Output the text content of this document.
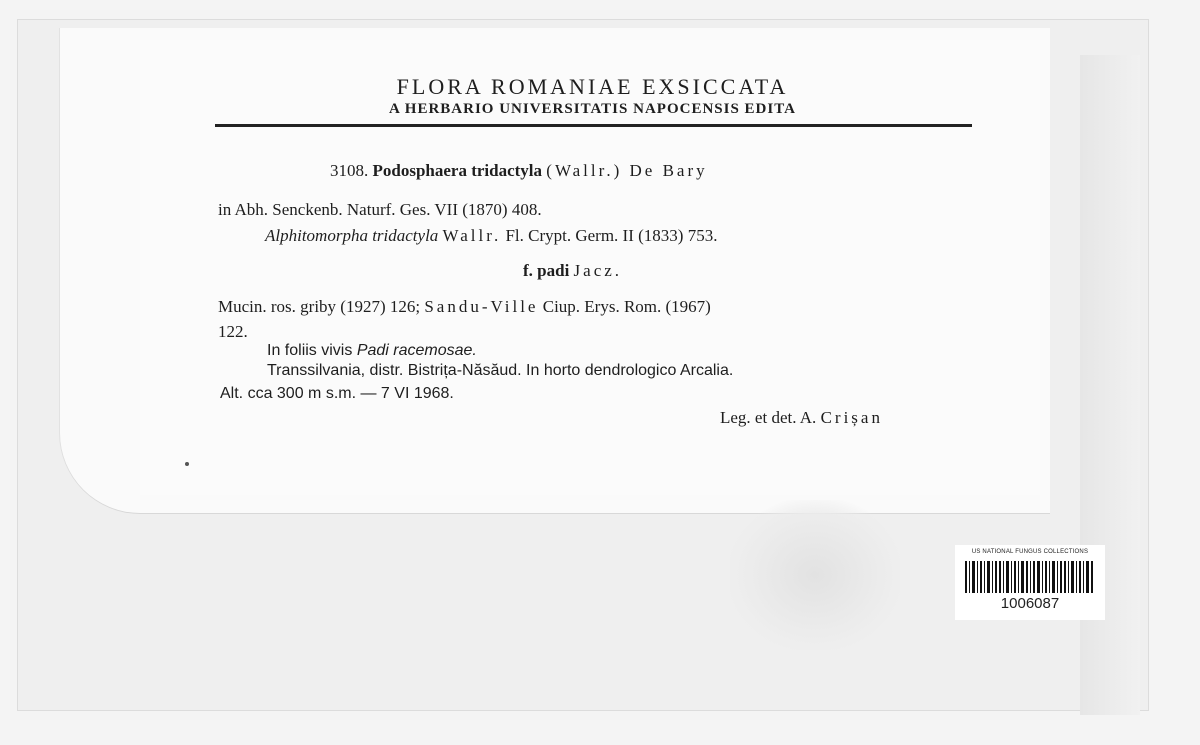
FLORA ROMANIAE EXSICCATA
A HERBARIO UNIVERSITATIS NAPOCENSIS EDITA
3108. Podosphaera tridactyla (Wallr.) De Bary
in Abh. Senckenb. Naturf. Ges. VII (1870) 408.
Alphitomorpha tridactyla Wallr. Fl. Crypt. Germ. II (1833) 753.
f. padi Jacz.
Mucin. ros. griby (1927) 126; Sandu-Ville Ciup. Erys. Rom. (1967)
122.
In foliis vivis Padi racemosae.
Transsilvania, distr. Bistrița-Năsăud. In horto dendrologico Arcalia.
Alt. cca 300 m s.m. — 7 VI 1968.
Leg. et det. A. Crișan
US NATIONAL FUNGUS COLLECTIONS
1006087
